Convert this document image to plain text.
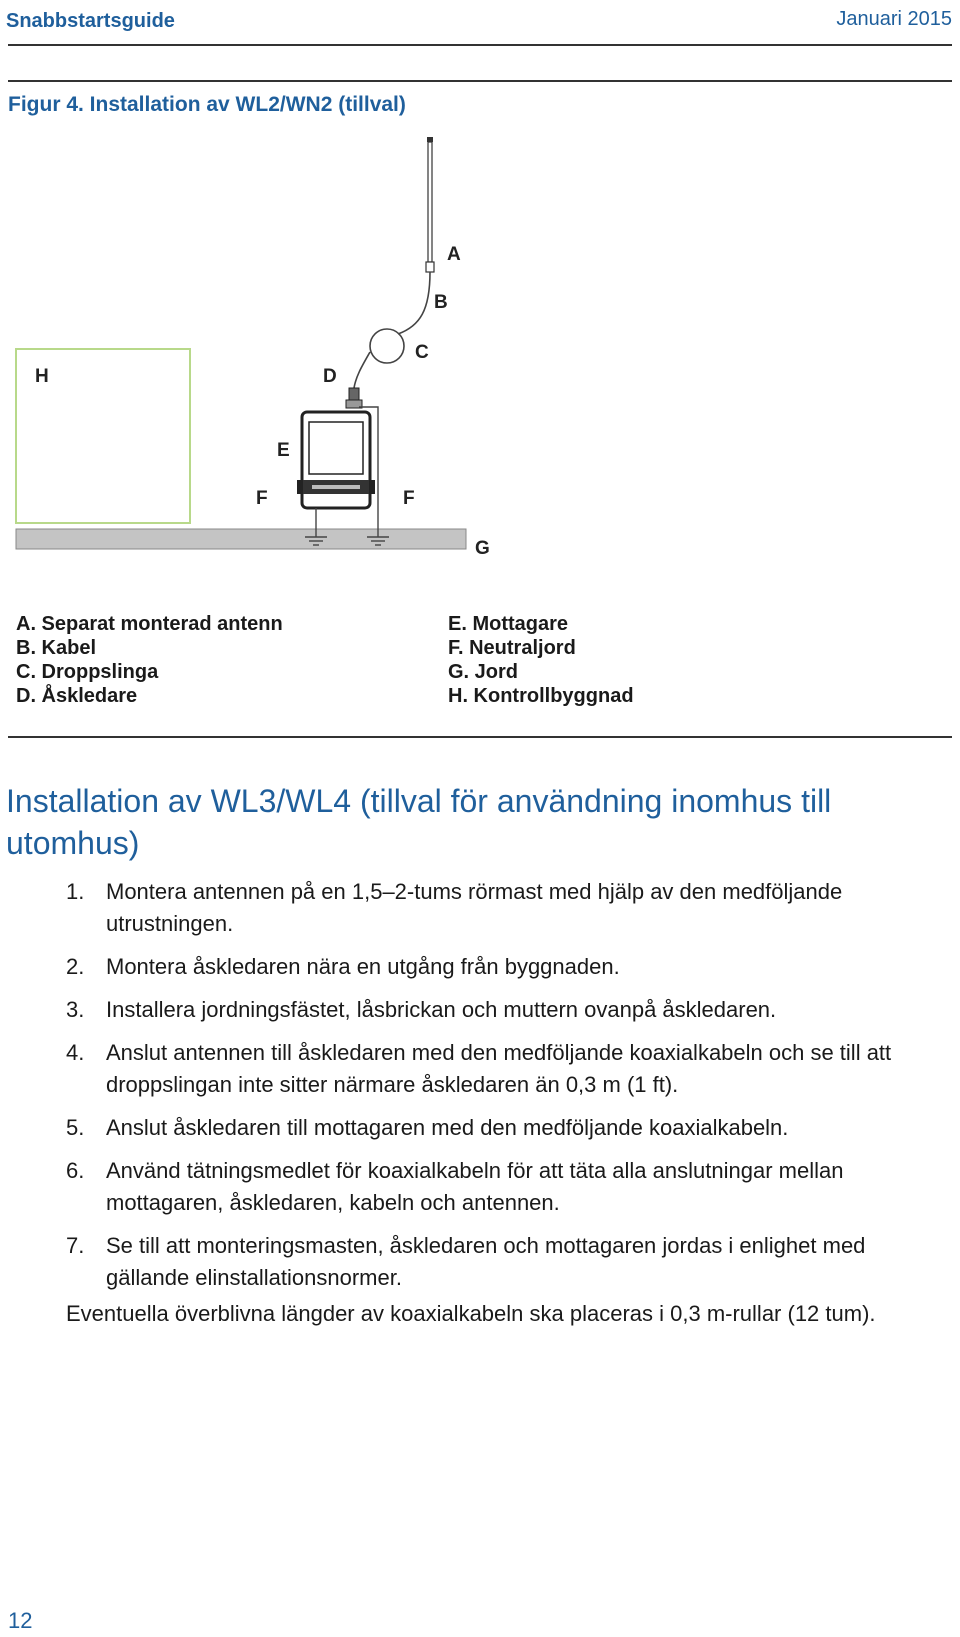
Snabbstartsguide	Januari 2015
Figur 4. Installation av WL2/WN2 (tillval)
A
B
C
H	D
E
F	F
G
A. Separat monterad antenn
B. Kabel
C. Droppslinga
D. Åskledare
E. Mottagare
F. Neutraljord
G. Jord
H. Kontrollbyggnad
Installation av WL3/WL4 (tillval för användning inomhus till utomhus)
1. Montera antennen på en 1,5–2-tums rörmast med hjälp av den medföljande utrustningen.
2. Montera åskledaren nära en utgång från byggnaden.
3. Installera jordningsfästet, låsbrickan och muttern ovanpå åskledaren.
4. Anslut antennen till åskledaren med den medföljande koaxialkabeln och se till att droppslingan inte sitter närmare åskledaren än 0,3 m (1 ft).
5. Anslut åskledaren till mottagaren med den medföljande koaxialkabeln.
6. Använd tätningsmedlet för koaxialkabeln för att täta alla anslutningar mellan mottagaren, åskledaren, kabeln och antennen.
7. Se till att monteringsmasten, åskledaren och mottagaren jordas i enlighet med gällande elinstallationsnormer.

Eventuella överblivna längder av koaxialkabeln ska placeras i 0,3 m-rullar (12 tum).

12
